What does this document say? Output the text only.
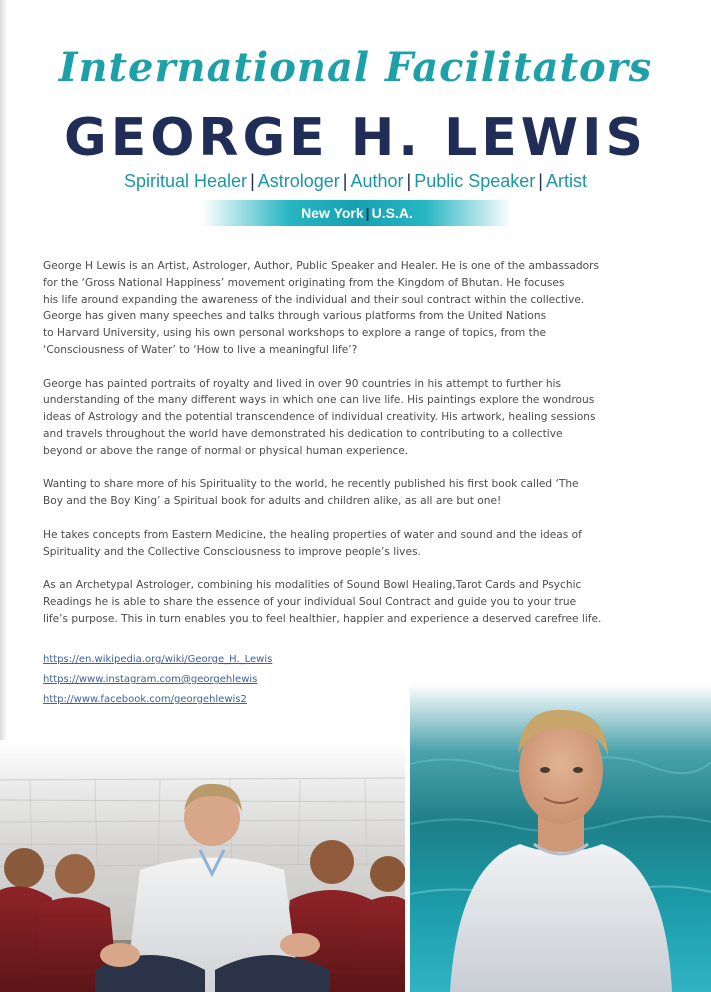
International Facilitators
GEORGE H. LEWIS
Spiritual Healer | Astrologer | Author | Public Speaker | Artist
New York | U.S.A.

George H Lewis is an Artist, Astrologer, Author, Public Speaker and Healer. He is one of the ambassadors
for the ‘Gross National Happiness’ movement originating from the Kingdom of Bhutan. He focuses
his life around expanding the awareness of the individual and their soul contract within the collective.
George has given many speeches and talks through various platforms from the United Nations
to Harvard University, using his own personal workshops to explore a range of topics, from the
‘Consciousness of Water’ to ‘How to live a meaningful life’?

George has painted portraits of royalty and lived in over 90 countries in his attempt to further his
understanding of the many different ways in which one can live life. His paintings explore the wondrous
ideas of Astrology and the potential transcendence of individual creativity. His artwork, healing sessions
and travels throughout the world have demonstrated his dedication to contributing to a collective
beyond or above the range of normal or physical human experience.

Wanting to share more of his Spirituality to the world, he recently published his first book called ‘The
Boy and the Boy King’ a Spiritual book for adults and children alike, as all are but one!

He takes concepts from Eastern Medicine, the healing properties of water and sound and the ideas of
Spirituality and the Collective Consciousness to improve people’s lives.

As an Archetypal Astrologer, combining his modalities of Sound Bowl Healing,Tarot Cards and Psychic
Readings he is able to share the essence of your individual Soul Contract and guide you to your true
life’s purpose. This in turn enables you to feel healthier, happier and experience a deserved carefree life.

https://en.wikipedia.org/wiki/George_H._Lewis
https://www.instagram.com@georgehlewis
http://www.facebook.com/georgehlewis2
